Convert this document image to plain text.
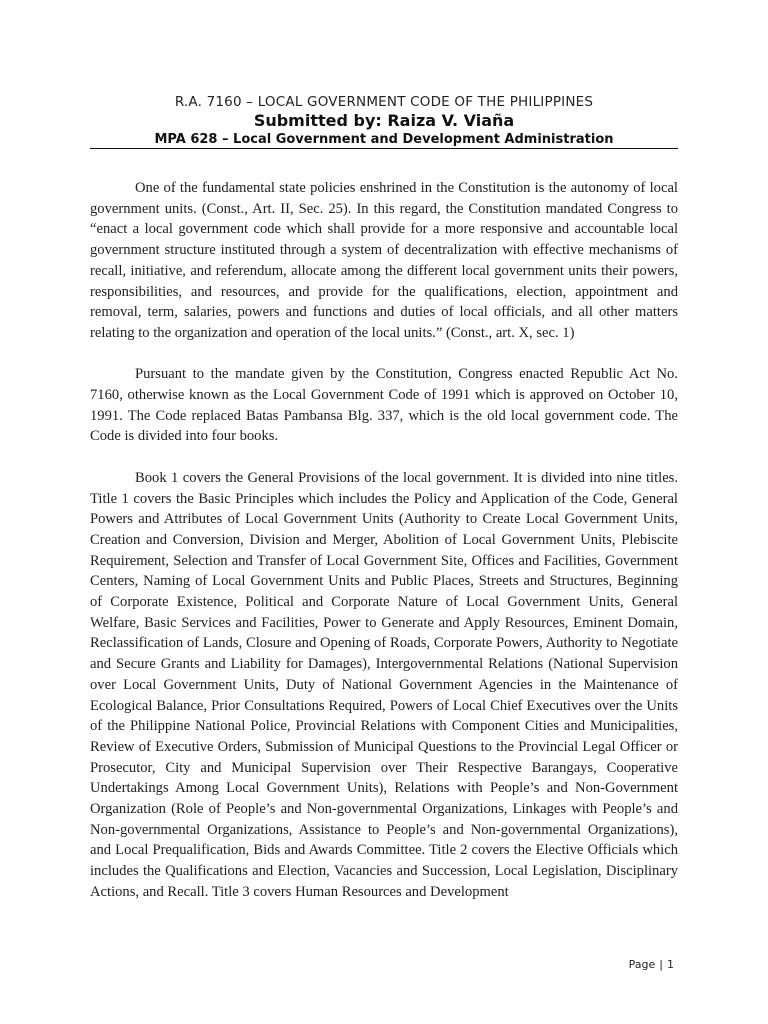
R.A. 7160 – LOCAL GOVERNMENT CODE OF THE PHILIPPINES
Submitted by: Raiza V. Viaña
MPA 628 – Local Government and Development Administration

One of the fundamental state policies enshrined in the Constitution is the autonomy of local government units. (Const., Art. II, Sec. 25). In this regard, the Constitution mandated Congress to “enact a local government code which shall provide for a more responsive and accountable local government structure instituted through a system of decentralization with effective mechanisms of recall, initiative, and referendum, allocate among the different local government units their powers, responsibilities, and resources, and provide for the qualifications, election, appointment and removal, term, salaries, powers and functions and duties of local officials, and all other matters relating to the organization and operation of the local units.” (Const., art. X, sec. 1)

Pursuant to the mandate given by the Constitution, Congress enacted Republic Act No. 7160, otherwise known as the Local Government Code of 1991 which is approved on October 10, 1991. The Code replaced Batas Pambansa Blg. 337, which is the old local government code. The Code is divided into four books.

Book 1 covers the General Provisions of the local government. It is divided into nine titles. Title 1 covers the Basic Principles which includes the Policy and Application of the Code, General Powers and Attributes of Local Government Units (Authority to Create Local Government Units, Creation and Conversion, Division and Merger, Abolition of Local Government Units, Plebiscite Requirement, Selection and Transfer of Local Government Site, Offices and Facilities, Government Centers, Naming of Local Government Units and Public Places, Streets and Structures, Beginning of Corporate Existence, Political and Corporate Nature of Local Government Units, General Welfare, Basic Services and Facilities, Power to Generate and Apply Resources, Eminent Domain, Reclassification of Lands, Closure and Opening of Roads, Corporate Powers, Authority to Negotiate and Secure Grants and Liability for Damages), Intergovernmental Relations (National Supervision over Local Government Units, Duty of National Government Agencies in the Maintenance of Ecological Balance, Prior Consultations Required, Powers of Local Chief Executives over the Units of the Philippine National Police, Provincial Relations with Component Cities and Municipalities, Review of Executive Orders, Submission of Municipal Questions to the Provincial Legal Officer or Prosecutor, City and Municipal Supervision over Their Respective Barangays, Cooperative Undertakings Among Local Government Units), Relations with People’s and Non-Government Organization (Role of People’s and Non-governmental Organizations, Linkages with People’s and Non-governmental Organizations, Assistance to People’s and Non-governmental Organizations), and Local Prequalification, Bids and Awards Committee. Title 2 covers the Elective Officials which includes the Qualifications and Election, Vacancies and Succession, Local Legislation, Disciplinary Actions, and Recall. Title 3 covers Human Resources and Development

Page | 1
